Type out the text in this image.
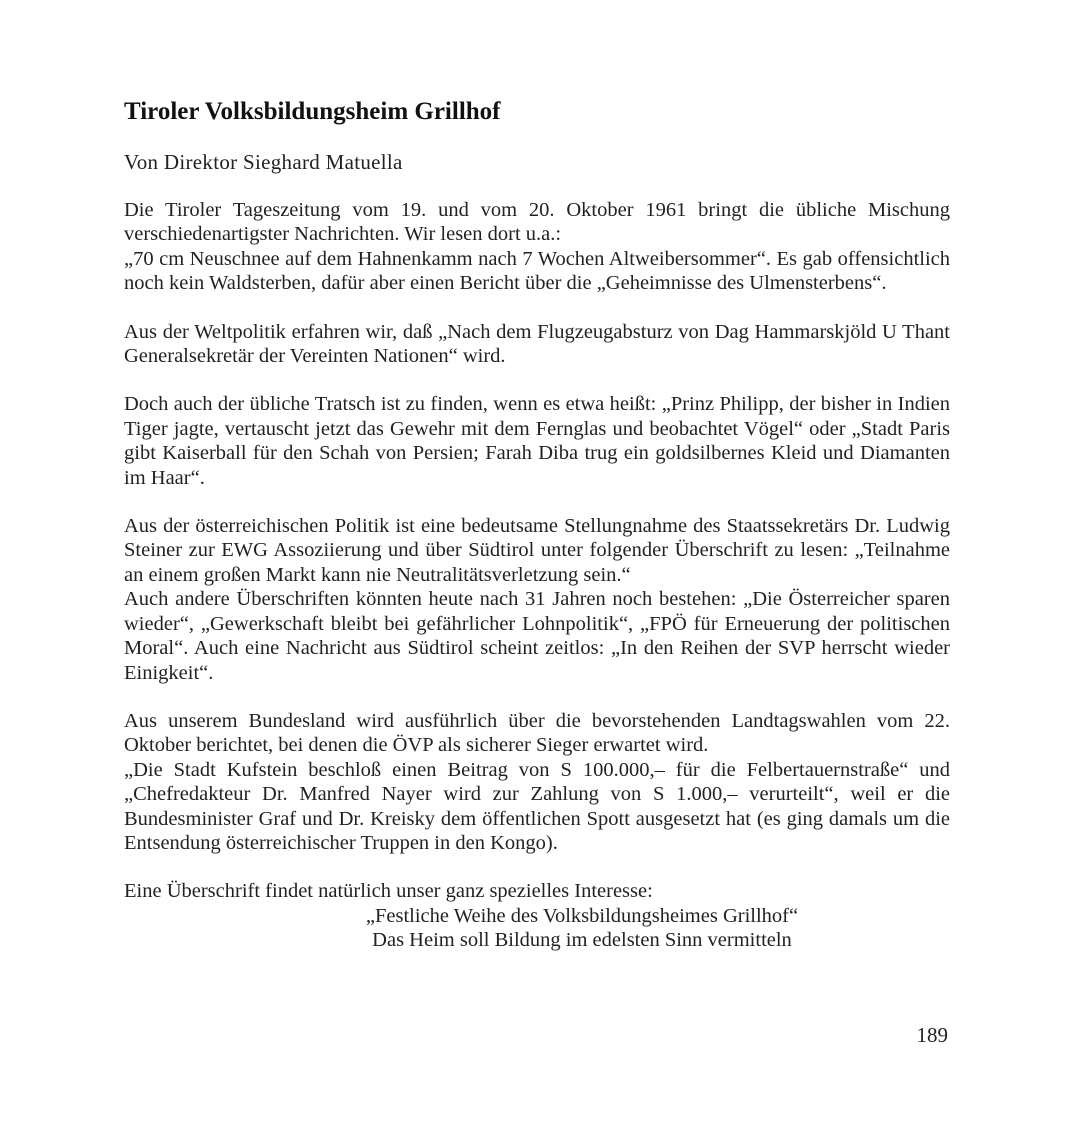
Tiroler Volksbildungsheim Grillhof

Von Direktor Sieghard Matuella

Die Tiroler Tageszeitung vom 19. und vom 20. Oktober 1961 bringt die übliche Mischung verschiedenartigster Nachrichten. Wir lesen dort u.a.:

„70 cm Neuschnee auf dem Hahnenkamm nach 7 Wochen Altweibersommer“. Es gab offensichtlich noch kein Waldsterben, dafür aber einen Bericht über die „Geheimnisse des Ulmensterbens“.

Aus der Weltpolitik erfahren wir, daß „Nach dem Flugzeugabsturz von Dag Hammarskjöld U Thant Generalsekretär der Vereinten Nationen“ wird.

Doch auch der übliche Tratsch ist zu finden, wenn es etwa heißt: „Prinz Philipp, der bisher in Indien Tiger jagte, vertauscht jetzt das Gewehr mit dem Fernglas und beobachtet Vögel“ oder „Stadt Paris gibt Kaiserball für den Schah von Persien; Farah Diba trug ein goldsilbernes Kleid und Diamanten im Haar“.

Aus der österreichischen Politik ist eine bedeutsame Stellungnahme des Staatssekretärs Dr. Ludwig Steiner zur EWG Assoziierung und über Südtirol unter folgender Überschrift zu lesen: „Teilnahme an einem großen Markt kann nie Neutralitätsverletzung sein.“

Auch andere Überschriften könnten heute nach 31 Jahren noch bestehen: „Die Österreicher sparen wieder“, „Gewerkschaft bleibt bei gefährlicher Lohnpolitik“, „FPÖ für Erneuerung der politischen Moral“. Auch eine Nachricht aus Südtirol scheint zeitlos: „In den Reihen der SVP herrscht wieder Einigkeit“.

Aus unserem Bundesland wird ausführlich über die bevorstehenden Landtagswahlen vom 22. Oktober berichtet, bei denen die ÖVP als sicherer Sieger erwartet wird.

„Die Stadt Kufstein beschloß einen Beitrag von S 100.000,– für die Felbertauernstraße“ und „Chefredakteur Dr. Manfred Nayer wird zur Zahlung von S 1.000,– verurteilt“, weil er die Bundesminister Graf und Dr. Kreisky dem öffentlichen Spott ausgesetzt hat (es ging damals um die Entsendung österreichischer Truppen in den Kongo).

Eine Überschrift findet natürlich unser ganz spezielles Interesse:

„Festliche Weihe des Volksbildungsheimes Grillhof“

Das Heim soll Bildung im edelsten Sinn vermitteln

189
